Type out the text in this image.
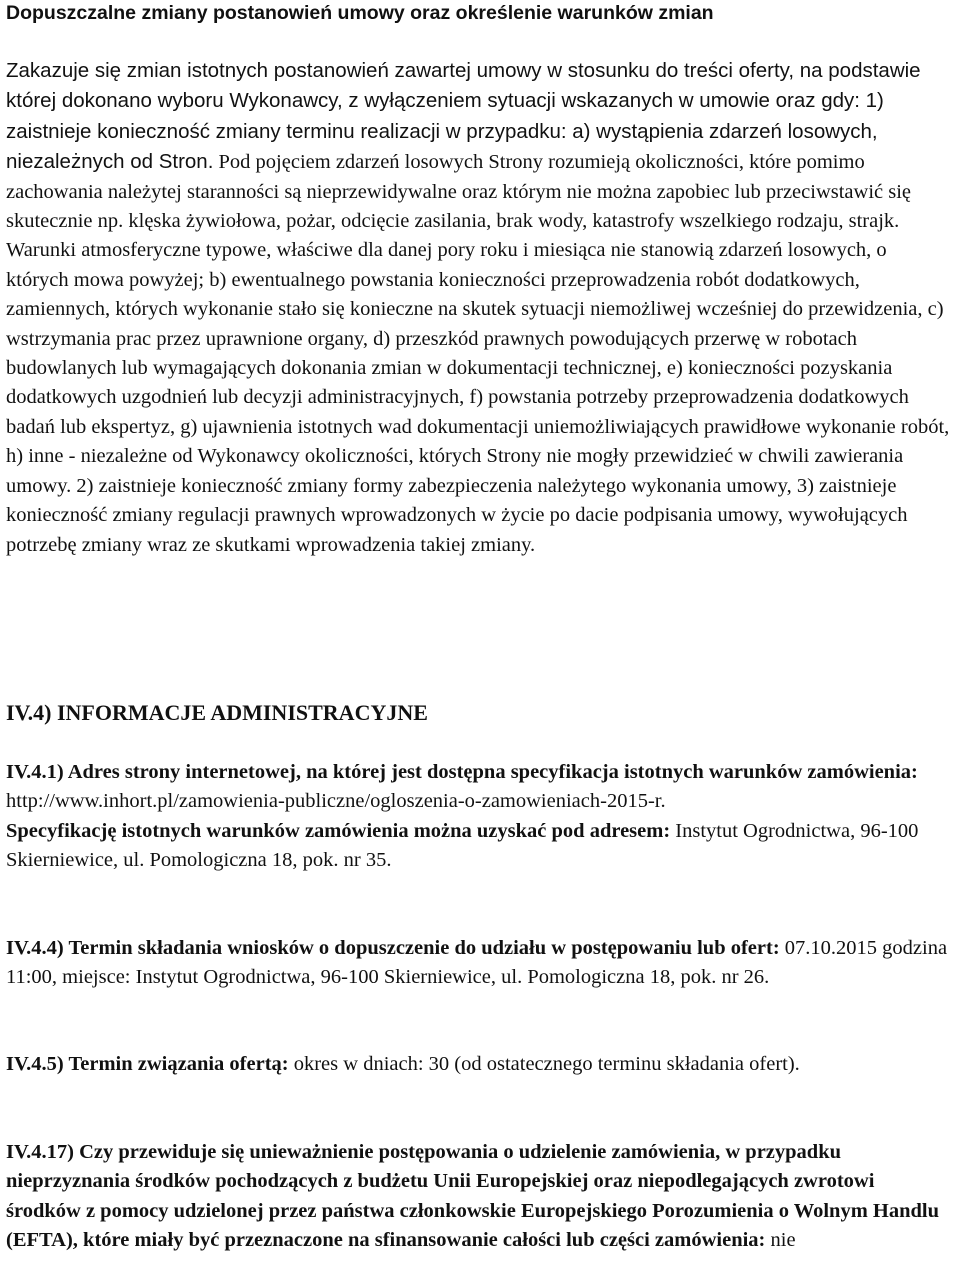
Dopuszczalne zmiany postanowień umowy oraz określenie warunków zmian

Zakazuje się zmian istotnych postanowień zawartej umowy w stosunku do treści oferty, na podstawie której dokonano wyboru Wykonawcy, z wyłączeniem sytuacji wskazanych w umowie oraz gdy: 1) zaistnieje konieczność zmiany terminu realizacji w przypadku: a) wystąpienia zdarzeń losowych, niezależnych od Stron. Pod pojęciem zdarzeń losowych Strony rozumieją okoliczności, które pomimo zachowania należytej staranności są nieprzewidywalne oraz którym nie można zapobiec lub przeciwstawić się skutecznie np. klęska żywiołowa, pożar, odcięcie zasilania, brak wody, katastrofy wszelkiego rodzaju, strajk. Warunki atmosferyczne typowe, właściwe dla danej pory roku i miesiąca nie stanowią zdarzeń losowych, o których mowa powyżej; b) ewentualnego powstania konieczności przeprowadzenia robót dodatkowych, zamiennych, których wykonanie stało się konieczne na skutek sytuacji niemożliwej wcześniej do przewidzenia, c) wstrzymania prac przez uprawnione organy, d) przeszkód prawnych powodujących przerwę w robotach budowlanych lub wymagających dokonania zmian w dokumentacji technicznej, e) konieczności pozyskania dodatkowych uzgodnień lub decyzji administracyjnych, f) powstania potrzeby przeprowadzenia dodatkowych badań lub ekspertyz, g) ujawnienia istotnych wad dokumentacji uniemożliwiających prawidłowe wykonanie robót, h) inne - niezależne od Wykonawcy okoliczności, których Strony nie mogły przewidzieć w chwili zawierania umowy. 2) zaistnieje konieczność zmiany formy zabezpieczenia należytego wykonania umowy, 3) zaistnieje konieczność zmiany regulacji prawnych wprowadzonych w życie po dacie podpisania umowy, wywołujących potrzebę zmiany wraz ze skutkami wprowadzenia takiej zmiany.

IV.4) INFORMACJE ADMINISTRACYJNE

IV.4.1) Adres strony internetowej, na której jest dostępna specyfikacja istotnych warunków zamówienia: http://www.inhort.pl/zamowienia-publiczne/ogloszenia-o-zamowieniach-2015-r.
Specyfikację istotnych warunków zamówienia można uzyskać pod adresem: Instytut Ogrodnictwa, 96-100 Skierniewice, ul. Pomologiczna 18, pok. nr 35.

IV.4.4) Termin składania wniosków o dopuszczenie do udziału w postępowaniu lub ofert: 07.10.2015 godzina 11:00, miejsce: Instytut Ogrodnictwa, 96-100 Skierniewice, ul. Pomologiczna 18, pok. nr 26.

IV.4.5) Termin związania ofertą: okres w dniach: 30 (od ostatecznego terminu składania ofert).

IV.4.17) Czy przewiduje się unieważnienie postępowania o udzielenie zamówienia, w przypadku nieprzyznania środków pochodzących z budżetu Unii Europejskiej oraz niepodlegających zwrotowi środków z pomocy udzielonej przez państwa członkowskie Europejskiego Porozumienia o Wolnym Handlu (EFTA), które miały być przeznaczone na sfinansowanie całości lub części zamówienia: nie
